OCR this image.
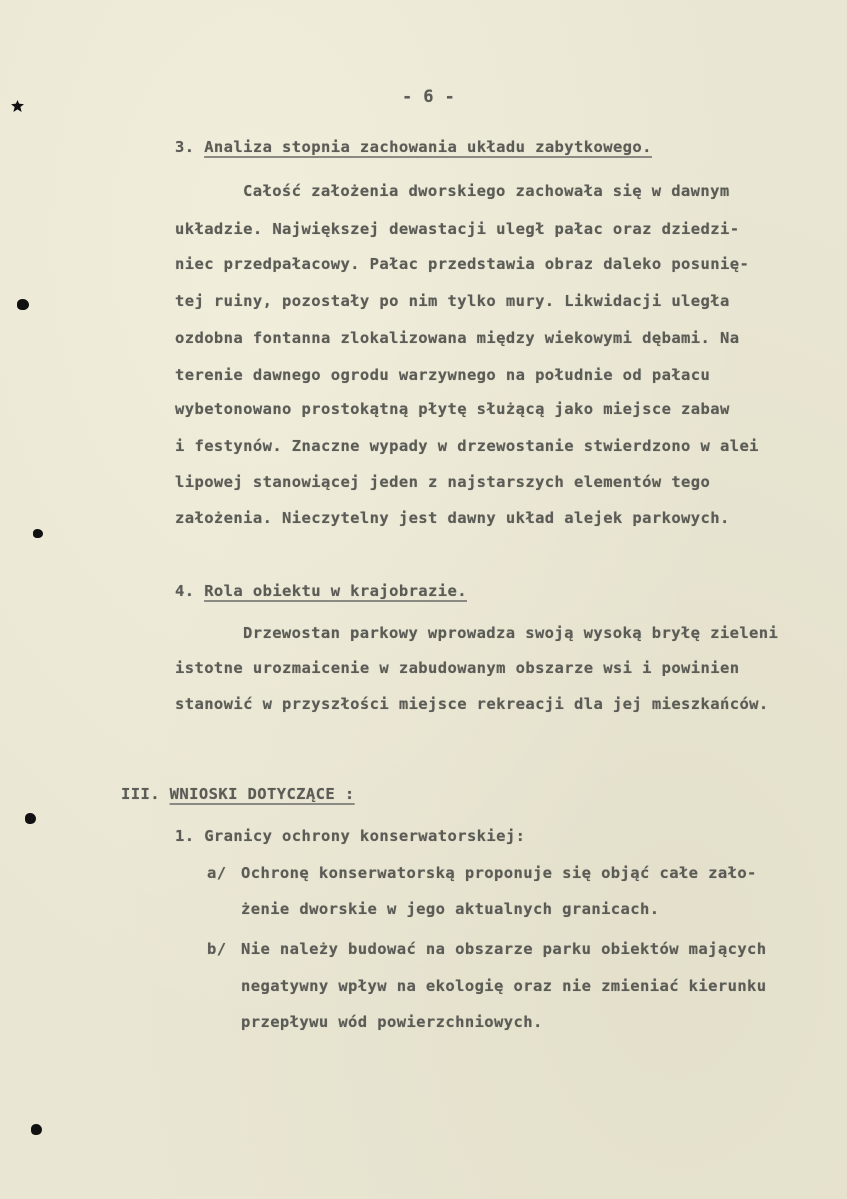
- 6 -
3. Analiza stopnia zachowania układu zabytkowego.
Całość założenia dworskiego zachowała się w dawnym
układzie. Największej dewastacji uległ pałac oraz dziedzi-
niec przedpałacowy. Pałac przedstawia obraz daleko posunię-
tej ruiny, pozostały po nim tylko mury. Likwidacji uległa
ozdobna fontanna zlokalizowana między wiekowymi dębami. Na
terenie dawnego ogrodu warzywnego na południe od pałacu
wybetonowano prostokątną płytę służącą jako miejsce zabaw
i festynów. Znaczne wypady w drzewostanie stwierdzono w alei
lipowej stanowiącej jeden z najstarszych elementów tego
założenia. Nieczytelny jest dawny układ alejek parkowych.
4. Rola obiektu w krajobrazie.
Drzewostan parkowy wprowadza swoją wysoką bryłę zieleni
istotne urozmaicenie w zabudowanym obszarze wsi i powinien
stanowić w przyszłości miejsce rekreacji dla jej mieszkańców.
III. WNIOSKI DOTYCZĄCE :
1. Granicy ochrony konserwatorskiej:
a/ Ochronę konserwatorską proponuje się objąć całe zało-
żenie dworskie w jego aktualnych granicach.
b/ Nie należy budować na obszarze parku obiektów mających
negatywny wpływ na ekologię oraz nie zmieniać kierunku
przepływu wód powierzchniowych.
